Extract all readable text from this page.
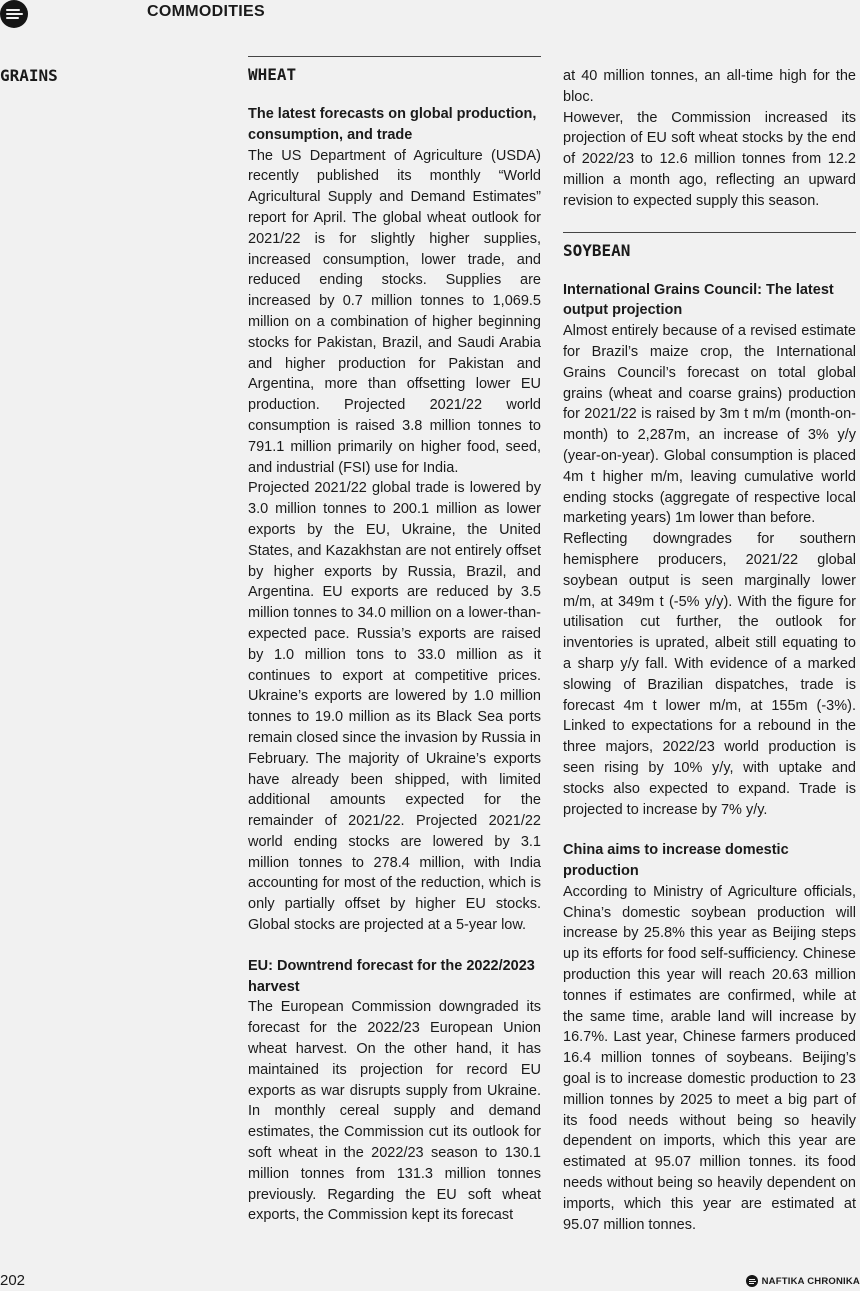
COMMODITIES
GRAINS	WHEAT
The latest forecasts on global production, consumption, and trade

The US Department of Agriculture (USDA) recently published its monthly “World Agricultural Supply and Demand Estimates” report for April. The global wheat outlook for 2021/22 is for slightly higher supplies, increased consumption, lower trade, and reduced ending stocks. Supplies are increased by 0.7 million tonnes to 1,069.5 million on a combination of higher beginning stocks for Pakistan, Brazil, and Saudi Arabia and higher production for Pakistan and Argentina, more than offsetting lower EU production. Projected 2021/22 world consumption is raised 3.8 million tonnes to 791.1 million primarily on higher food, seed, and industrial (FSI) use for India.

Projected 2021/22 global trade is lowered by 3.0 million tonnes to 200.1 million as lower exports by the EU, Ukraine, the United States, and Kazakhstan are not entirely offset by higher exports by Russia, Brazil, and Argentina. EU exports are reduced by 3.5 million tonnes to 34.0 million on a lower-than-expected pace. Russia’s exports are raised by 1.0 million tons to 33.0 million as it continues to export at competitive prices. Ukraine’s exports are lowered by 1.0 million tonnes to 19.0 million as its Black Sea ports remain closed since the invasion by Russia in February. The majority of Ukraine’s exports have already been shipped, with limited additional amounts expected for the remainder of 2021/22. Projected 2021/22 world ending stocks are lowered by 3.1 million tonnes to 278.4 million, with India accounting for most of the reduction, which is only partially offset by higher EU stocks. Global stocks are projected at a 5-year low.

EU: Downtrend forecast for the 2022/2023 harvest

The European Commission downgraded its forecast for the 2022/23 European Union wheat harvest. On the other hand, it has maintained its projection for record EU exports as war disrupts supply from Ukraine. In monthly cereal supply and demand estimates, the Commission cut its outlook for soft wheat in the 2022/23 season to 130.1 million tonnes from 131.3 million tonnes previously. Regarding the EU soft wheat exports, the Commission kept its forecast

at 40 million tonnes, an all-time high for the bloc.

However, the Commission increased its projection of EU soft wheat stocks by the end of 2022/23 to 12.6 million tonnes from 12.2 million a month ago, reflecting an upward revision to expected supply this season.

SOYBEAN
International Grains Council: The latest output projection

Almost entirely because of a revised estimate for Brazil’s maize crop, the International Grains Council’s forecast on total global grains (wheat and coarse grains) production for 2021/22 is raised by 3m t m/m (month-on-month) to 2,287m, an increase of 3% y/y (year-on-year). Global consumption is placed 4m t higher m/m, leaving cumulative world ending stocks (aggregate of respective local marketing years) 1m lower than before.

Reflecting downgrades for southern hemisphere producers, 2021/22 global soybean output is seen marginally lower m/m, at 349m t (-5% y/y). With the figure for utilisation cut further, the outlook for inventories is uprated, albeit still equating to a sharp y/y fall. With evidence of a marked slowing of Brazilian dispatches, trade is forecast 4m t lower m/m, at 155m (-3%). Linked to expectations for a rebound in the three majors, 2022/23 world production is seen rising by 10% y/y, with uptake and stocks also expected to expand. Trade is projected to increase by 7% y/y.

China aims to increase domestic production

According to Ministry of Agriculture officials, China’s domestic soybean production will increase by 25.8% this year as Beijing steps up its efforts for food self-sufficiency. Chinese production this year will reach 20.63 million tonnes if estimates are confirmed, while at the same time, arable land will increase by 16.7%. Last year, Chinese farmers produced 16.4 million tonnes of soybeans. Beijing’s goal is to increase domestic production to 23 million tonnes by 2025 to meet a big part of its food needs without being so heavily dependent on imports, which this year are estimated at 95.07 million tonnes. its food needs without being so heavily dependent on imports, which this year are estimated at 95.07 million tonnes.

202	NAFTIKA CHRONIKA
